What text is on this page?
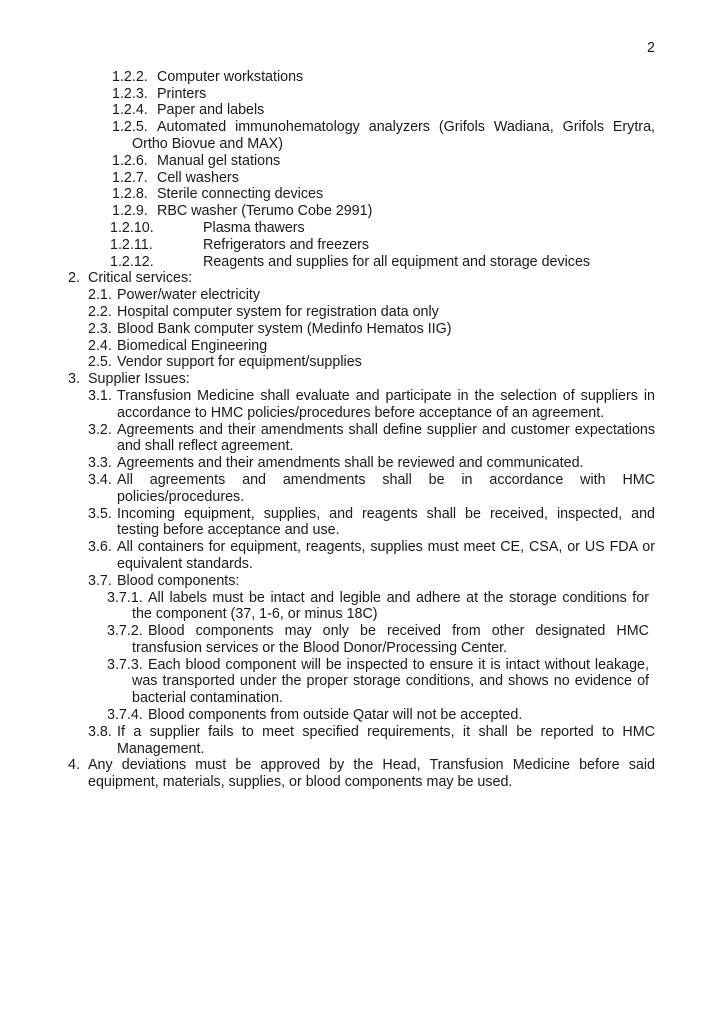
2
1.2.2. Computer workstations
1.2.3. Printers
1.2.4. Paper and labels
1.2.5. Automated immunohematology analyzers (Grifols Wadiana, Grifols Erytra, Ortho Biovue and MAX)
1.2.6. Manual gel stations
1.2.7. Cell washers
1.2.8. Sterile connecting devices
1.2.9. RBC washer (Terumo Cobe 2991)
1.2.10.	Plasma thawers
1.2.11.	Refrigerators and freezers
1.2.12.	Reagents and supplies for all equipment and storage devices
2. Critical services:
2.1. Power/water electricity
2.2. Hospital computer system for registration data only
2.3. Blood Bank computer system (Medinfo Hematos IIG)
2.4. Biomedical Engineering
2.5. Vendor support for equipment/supplies
3. Supplier Issues:
3.1. Transfusion Medicine shall evaluate and participate in the selection of suppliers in accordance to HMC policies/procedures before acceptance of an agreement.
3.2. Agreements and their amendments shall define supplier and customer expectations and shall reflect agreement.
3.3. Agreements and their amendments shall be reviewed and communicated.
3.4. All agreements and amendments shall be in accordance with HMC policies/procedures.
3.5. Incoming equipment, supplies, and reagents shall be received, inspected, and testing before acceptance and use.
3.6. All containers for equipment, reagents, supplies must meet CE, CSA, or US FDA or equivalent standards.
3.7. Blood components:
3.7.1. All labels must be intact and legible and adhere at the storage conditions for the component (37, 1-6, or minus 18C)
3.7.2. Blood components may only be received from other designated HMC transfusion services or the Blood Donor/Processing Center.
3.7.3. Each blood component will be inspected to ensure it is intact without leakage, was transported under the proper storage conditions, and shows no evidence of bacterial contamination.
3.7.4. Blood components from outside Qatar will not be accepted.
3.8. If a supplier fails to meet specified requirements, it shall be reported to HMC Management.
4. Any deviations must be approved by the Head, Transfusion Medicine before said equipment, materials, supplies, or blood components may be used.
